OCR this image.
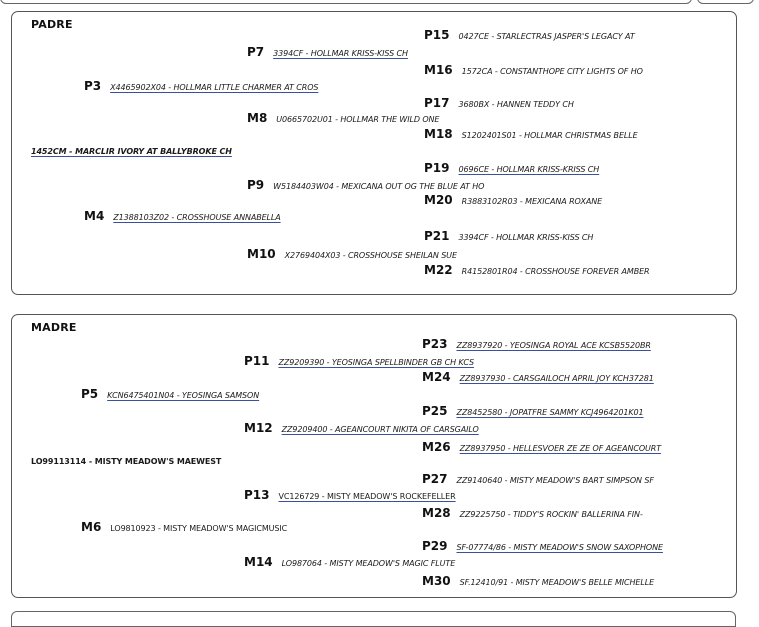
PADRE
P15 0427CE - STARLECTRAS JASPER'S LEGACY AT
P7 3394CF - HOLLMAR KRISS-KISS CH
M16 1572CA - CONSTANTHOPE CITY LIGHTS OF HO
P3 X4465902X04 - HOLLMAR LITTLE CHARMER AT CROS
P17 3680BX - HANNEN TEDDY CH
M8 U0665702U01 - HOLLMAR THE WILD ONE
M18 S1202401S01 - HOLLMAR CHRISTMAS BELLE
1452CM - MARCLIR IVORY AT BALLYBROKE CH
P19 0696CE - HOLLMAR KRISS-KRISS CH
P9 W5184403W04 - MEXICANA OUT OG THE BLUE AT HO
M20 R3883102R03 - MEXICANA ROXANE
M4 Z1388103Z02 - CROSSHOUSE ANNABELLA
P21 3394CF - HOLLMAR KRISS-KISS CH
M10 X2769404X03 - CROSSHOUSE SHEILAN SUE
M22 R4152801R04 - CROSSHOUSE FOREVER AMBER
MADRE
P23 ZZ8937920 - YEOSINGA ROYAL ACE KCSB5520BR
P11 ZZ9209390 - YEOSINGA SPELLBINDER GB CH KCS
M24 ZZ8937930 - CARSGAILOCH APRIL JOY KCH37281
P5 KCN6475401N04 - YEOSINGA SAMSON
P25 ZZ8452580 - JOPATFRE SAMMY KCJ4964201K01
M12 ZZ9209400 - AGEANCOURT NIKITA OF CARSGAILO
M26 ZZ8937950 - HELLESVOER ZE ZE OF AGEANCOURT
LO99113114 - MISTY MEADOW'S MAEWEST
P27 ZZ9140640 - MISTY MEADOW'S BART SIMPSON SF
P13 VC126729 - MISTY MEADOW'S ROCKEFELLER
M28 ZZ9225750 - TIDDY'S ROCKIN' BALLERINA FIN-
M6 LO9810923 - MISTY MEADOW'S MAGICMUSIC
P29 SF-07774/86 - MISTY MEADOW'S SNOW SAXOPHONE
M14 LO987064 - MISTY MEADOW'S MAGIC FLUTE
M30 SF.12410/91 - MISTY MEADOW'S BELLE MICHELLE
